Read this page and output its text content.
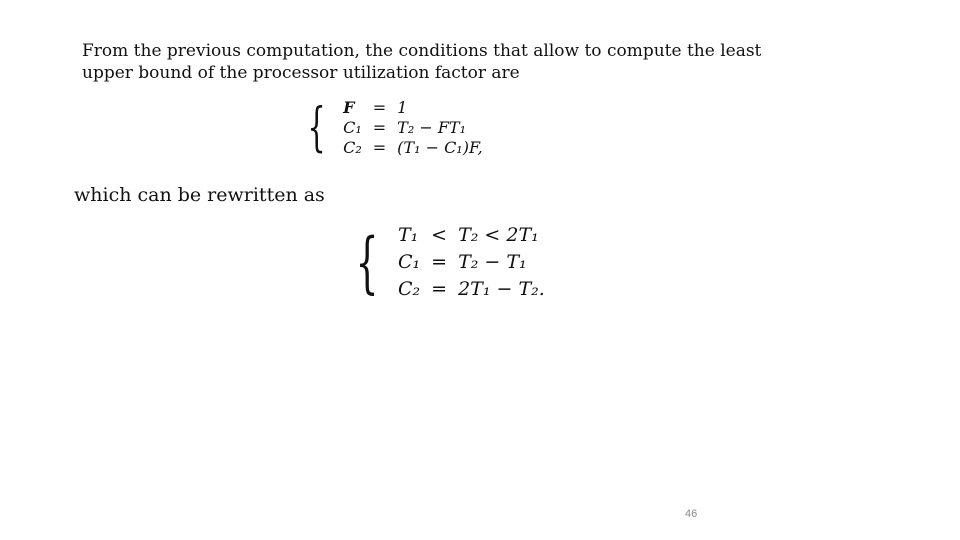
From the previous computation, the conditions that allow to compute the least
upper bound of the processor utilization factor are
{ F	=	1
C₁	=	T₂ − FT₁
C₂	=	(T₁ − C₁)F,
which can be rewritten as
{ T₁	<	T₂ < 2T₁
C₁	=	T₂ − T₁
C₂	=	2T₁ − T₂.
46
